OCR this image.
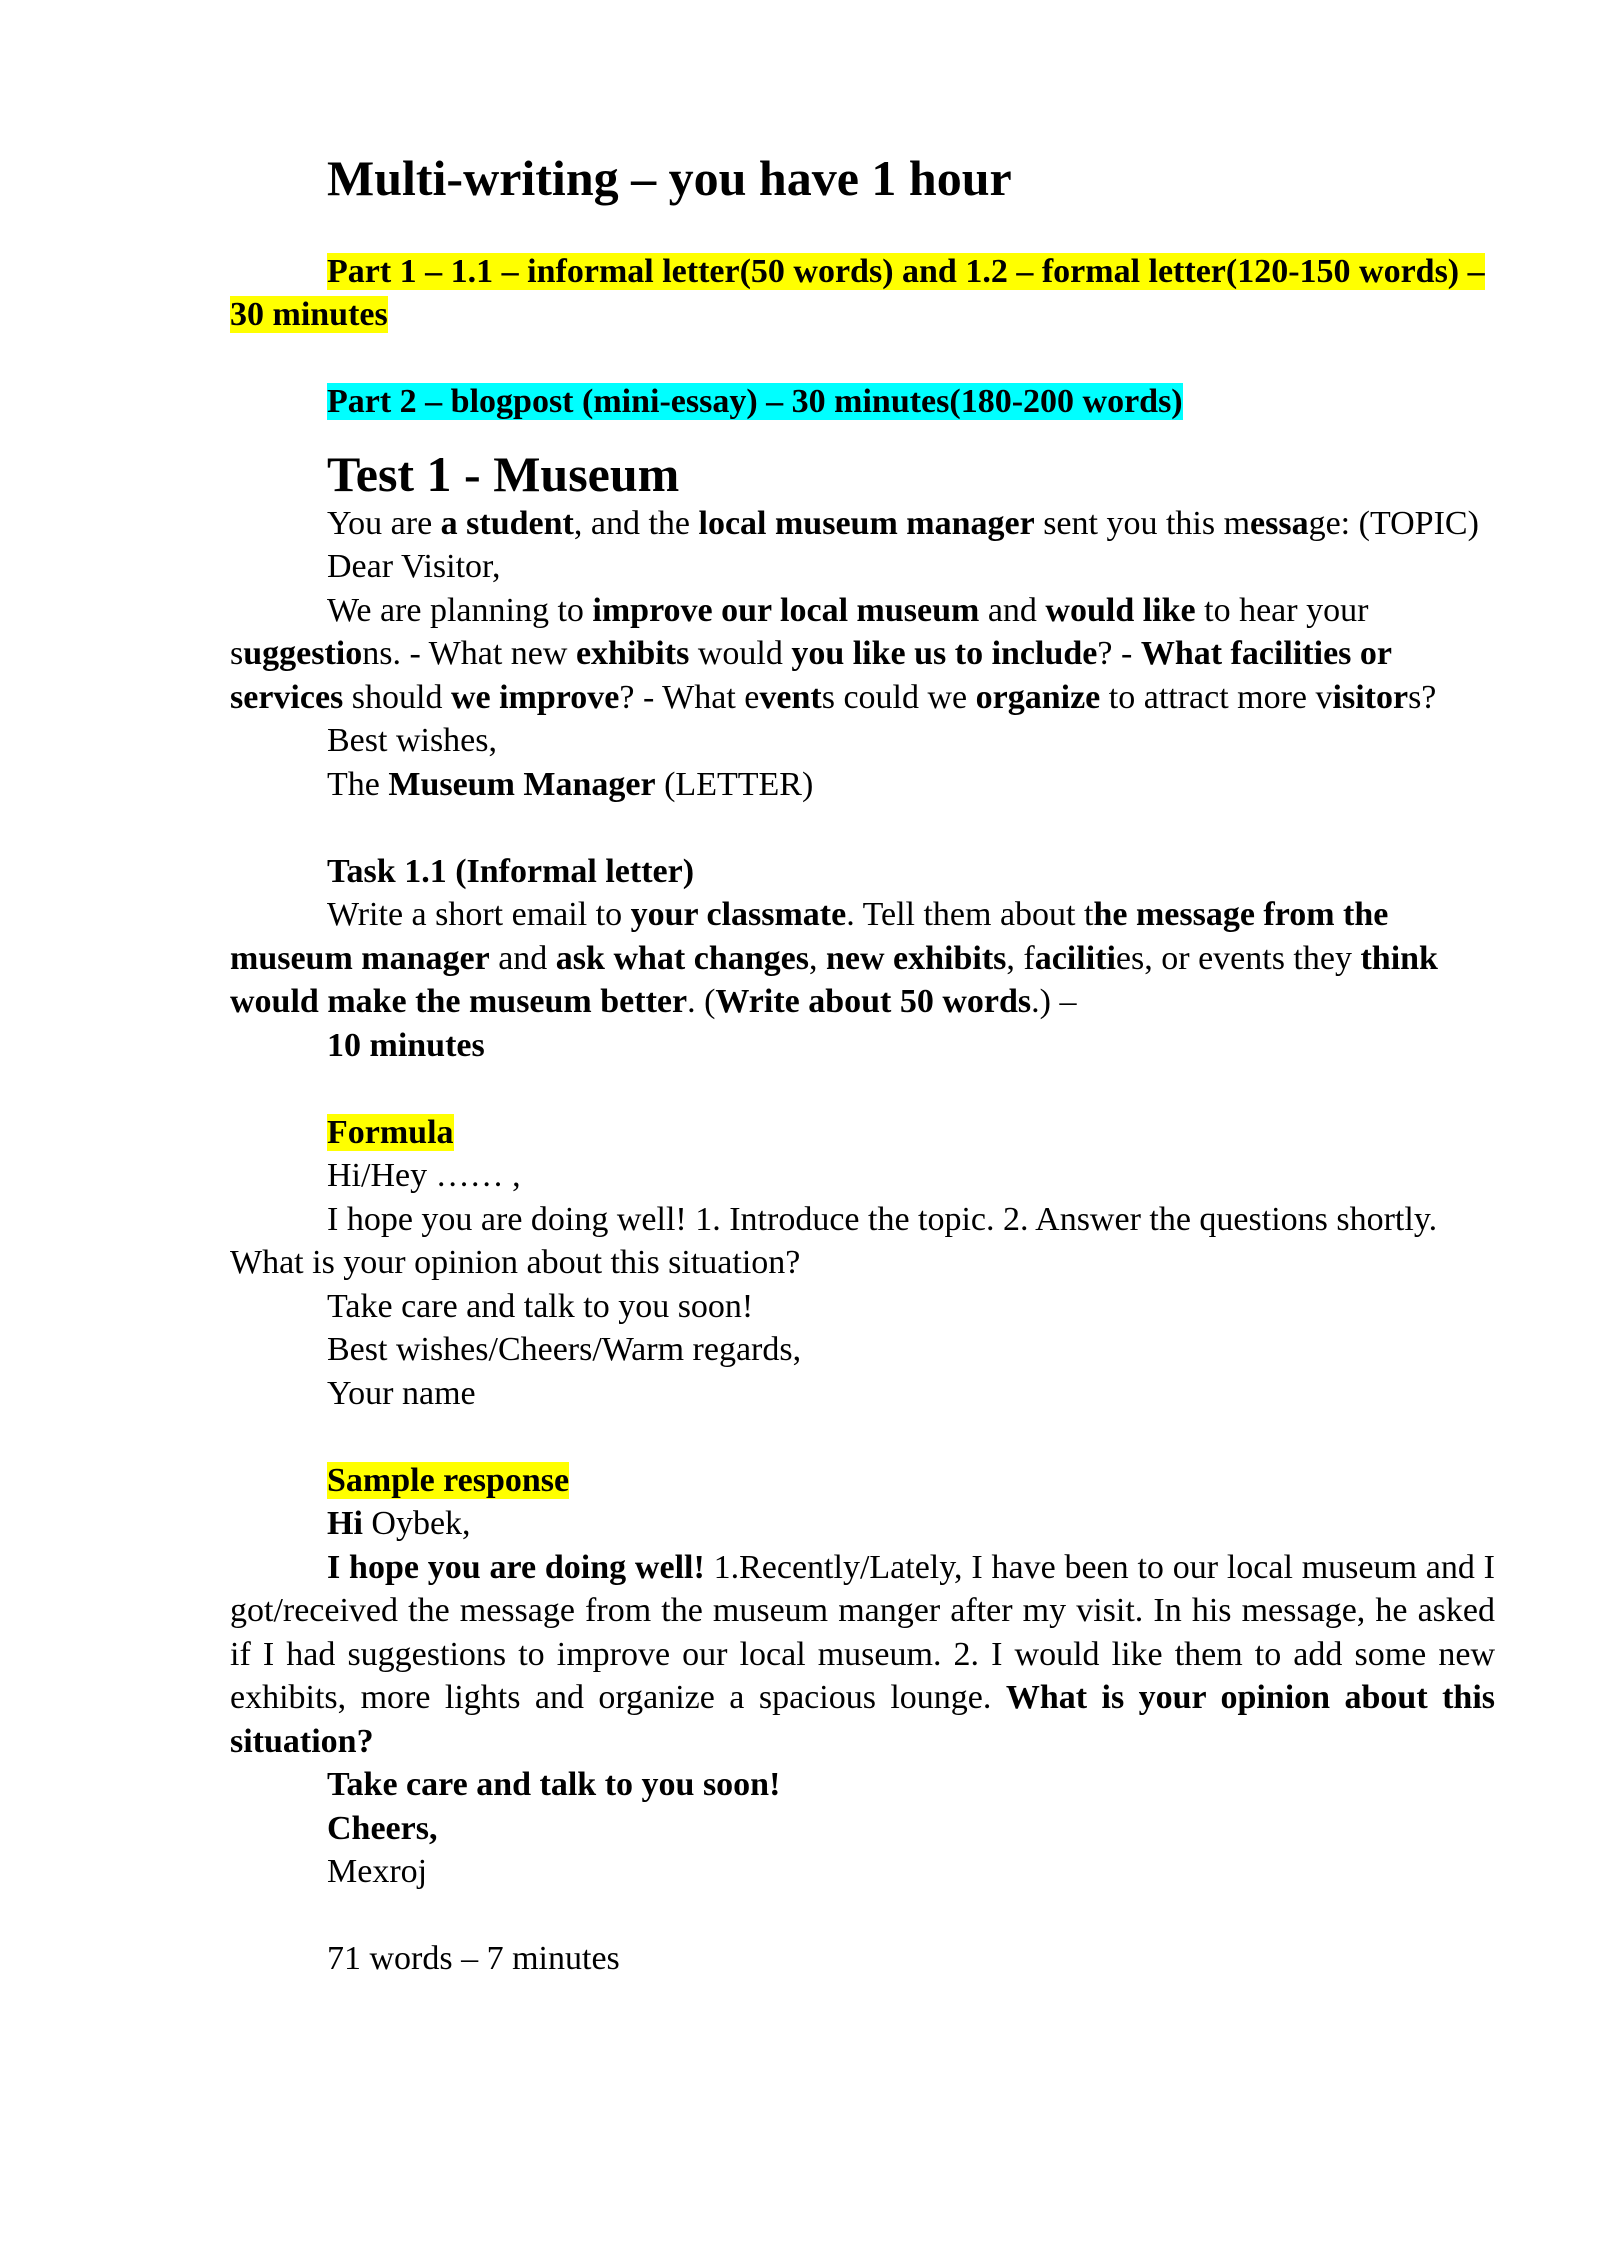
Multi-writing – you have 1 hour

Part 1 – 1.1 – informal letter(50 words) and 1.2 – formal letter(120-150 words) – 30 minutes

Part 2 – blogpost (mini-essay) – 30 minutes(180-200 words)

Test 1 - Museum

You are a student, and the local museum manager sent you this message: (TOPIC)

Dear Visitor,

We are planning to improve our local museum and would like to hear your suggestions. - What new exhibits would you like us to include? - What facilities or services should we improve? - What events could we organize to attract more visitors?

Best wishes,

The Museum Manager (LETTER)

Task 1.1 (Informal letter)

Write a short email to your classmate. Tell them about the message from the museum manager and ask what changes, new exhibits, facilities, or events they think would make the museum better. (Write about 50 words.) –

10 minutes

Formula

Hi/Hey …… ,

I hope you are doing well! 1. Introduce the topic. 2. Answer the questions shortly. What is your opinion about this situation?

Take care and talk to you soon!

Best wishes/Cheers/Warm regards,

Your name

Sample response

Hi Oybek,

I hope you are doing well! 1.Recently/Lately, I have been to our local museum and I got/received the message from the museum manger after my visit. In his message, he asked if I had suggestions to improve our local museum. 2. I would like them to add some new exhibits, more lights and organize a spacious lounge. What is your opinion about this situation?

Take care and talk to you soon!

Cheers,

Mexroj

71 words – 7 minutes
